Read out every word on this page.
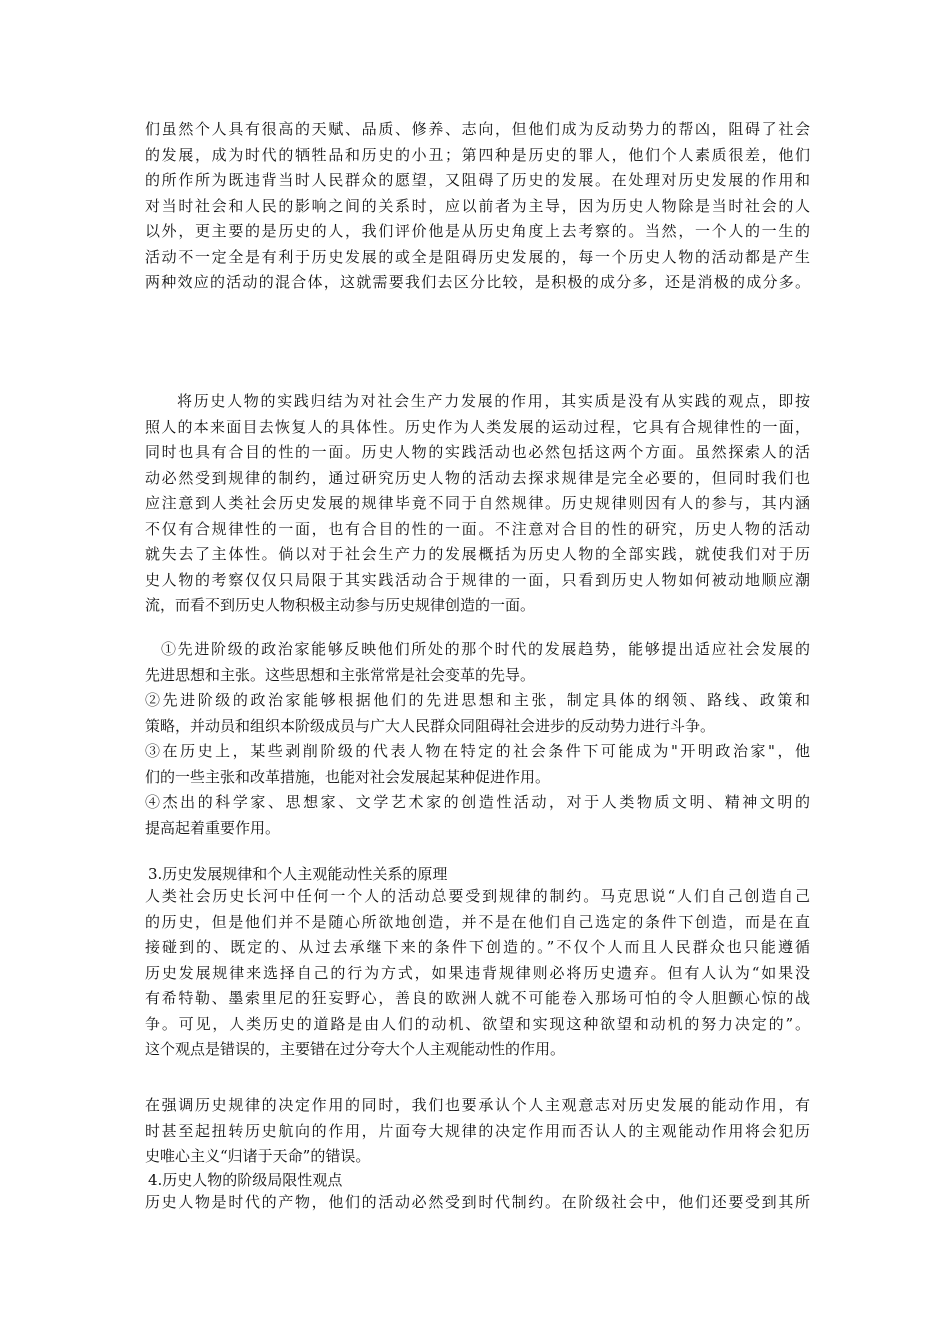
们虽然个人具有很高的天赋、品质、修养、志向，但他们成为反动势力的帮凶，阻碍了社会
的发展，成为时代的牺牲品和历史的小丑；第四种是历史的罪人，他们个人素质很差，他们
的所作所为既违背当时人民群众的愿望，又阻碍了历史的发展。在处理对历史发展的作用和
对当时社会和人民的影响之间的关系时，应以前者为主导，因为历史人物除是当时社会的人
以外，更主要的是历史的人，我们评价他是从历史角度上去考察的。当然，一个人的一生的
活动不一定全是有利于历史发展的或全是阻碍历史发展的，每一个历史人物的活动都是产生
两种效应的活动的混合体，这就需要我们去区分比较，是积极的成分多，还是消极的成分多。
将历史人物的实践归结为对社会生产力发展的作用，其实质是没有从实践的观点，即按
照人的本来面目去恢复人的具体性。历史作为人类发展的运动过程，它具有合规律性的一面，
同时也具有合目的性的一面。历史人物的实践活动也必然包括这两个方面。虽然探索人的活
动必然受到规律的制约，通过研究历史人物的活动去探求规律是完全必要的，但同时我们也
应注意到人类社会历史发展的规律毕竟不同于自然规律。历史规律则因有人的参与，其内涵
不仅有合规律性的一面，也有合目的性的一面。不注意对合目的性的研究，历史人物的活动
就失去了主体性。倘以对于社会生产力的发展概括为历史人物的全部实践，就使我们对于历
史人物的考察仅仅只局限于其实践活动合于规律的一面，只看到历史人物如何被动地顺应潮
流，而看不到历史人物积极主动参与历史规律创造的一面。
①先进阶级的政治家能够反映他们所处的那个时代的发展趋势，能够提出适应社会发展的
先进思想和主张。这些思想和主张常常是社会变革的先导。
②先进阶级的政治家能够根据他们的先进思想和主张，制定具体的纲领、路线、政策和
策略，并动员和组织本阶级成员与广大人民群众同阻碍社会进步的反动势力进行斗争。
③在历史上，某些剥削阶级的代表人物在特定的社会条件下可能成为"开明政治家"，他
们的一些主张和改革措施，也能对社会发展起某种促进作用。
④杰出的科学家、思想家、文学艺术家的创造性活动，对于人类物质文明、精神文明的
提高起着重要作用。
3.历史发展规律和个人主观能动性关系的原理
人类社会历史长河中任何一个人的活动总要受到规律的制约。马克思说“人们自己创造自己
的历史，但是他们并不是随心所欲地创造，并不是在他们自己选定的条件下创造，而是在直
接碰到的、既定的、从过去承继下来的条件下创造的。”不仅个人而且人民群众也只能遵循
历史发展规律来选择自己的行为方式，如果违背规律则必将历史遗弃。但有人认为“如果没
有希特勒、墨索里尼的狂妄野心，善良的欧洲人就不可能卷入那场可怕的令人胆颤心惊的战
争。可见，人类历史的道路是由人们的动机、欲望和实现这种欲望和动机的努力决定的”。
这个观点是错误的，主要错在过分夸大个人主观能动性的作用。
在强调历史规律的决定作用的同时，我们也要承认个人主观意志对历史发展的能动作用，有
时甚至起扭转历史航向的作用，片面夸大规律的决定作用而否认人的主观能动作用将会犯历
史唯心主义“归诸于天命”的错误。
4.历史人物的阶级局限性观点
历史人物是时代的产物，他们的活动必然受到时代制约。在阶级社会中，他们还要受到其所
